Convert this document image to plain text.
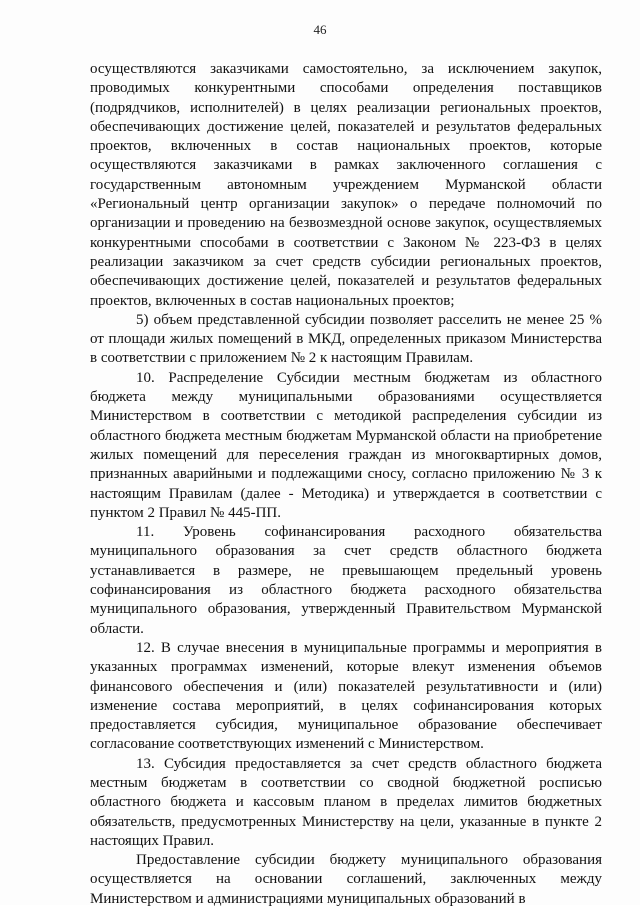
46

осуществляются заказчиками самостоятельно, за исключением закупок, проводимых конкурентными способами определения поставщиков (подрядчиков, исполнителей) в целях реализации региональных проектов, обеспечивающих достижение целей, показателей и результатов федеральных проектов, включенных в состав национальных проектов, которые осуществляются заказчиками в рамках заключенного соглашения с государственным автономным учреждением Мурманской области «Региональный центр организации закупок» о передаче полномочий по организации и проведению на безвозмездной основе закупок, осуществляемых конкурентными способами в соответствии с Законом № 223-ФЗ в целях реализации заказчиком за счет средств субсидии региональных проектов, обеспечивающих достижение целей, показателей и результатов федеральных проектов, включенных в состав национальных проектов;

5) объем представленной субсидии позволяет расселить не менее 25 % от площади жилых помещений в МКД, определенных приказом Министерства в соответствии с приложением № 2 к настоящим Правилам.

10. Распределение Субсидии местным бюджетам из областного бюджета между муниципальными образованиями осуществляется Министерством в соответствии с методикой распределения субсидии из областного бюджета местным бюджетам Мурманской области на приобретение жилых помещений для переселения граждан из многоквартирных домов, признанных аварийными и подлежащими сносу, согласно приложению № 3 к настоящим Правилам (далее - Методика) и утверждается в соответствии с пунктом 2 Правил № 445-ПП.

11. Уровень софинансирования расходного обязательства муниципального образования за счет средств областного бюджета устанавливается в размере, не превышающем предельный уровень софинансирования из областного бюджета расходного обязательства муниципального образования, утвержденный Правительством Мурманской области.

12. В случае внесения в муниципальные программы и мероприятия в указанных программах изменений, которые влекут изменения объемов финансового обеспечения и (или) показателей результативности и (или) изменение состава мероприятий, в целях софинансирования которых предоставляется субсидия, муниципальное образование обеспечивает согласование соответствующих изменений с Министерством.

13. Субсидия предоставляется за счет средств областного бюджета местным бюджетам в соответствии со сводной бюджетной росписью областного бюджета и кассовым планом в пределах лимитов бюджетных обязательств, предусмотренных Министерству на цели, указанные в пункте 2 настоящих Правил.

Предоставление субсидии бюджету муниципального образования осуществляется на основании соглашений, заключенных между Министерством и администрациями муниципальных образований в
